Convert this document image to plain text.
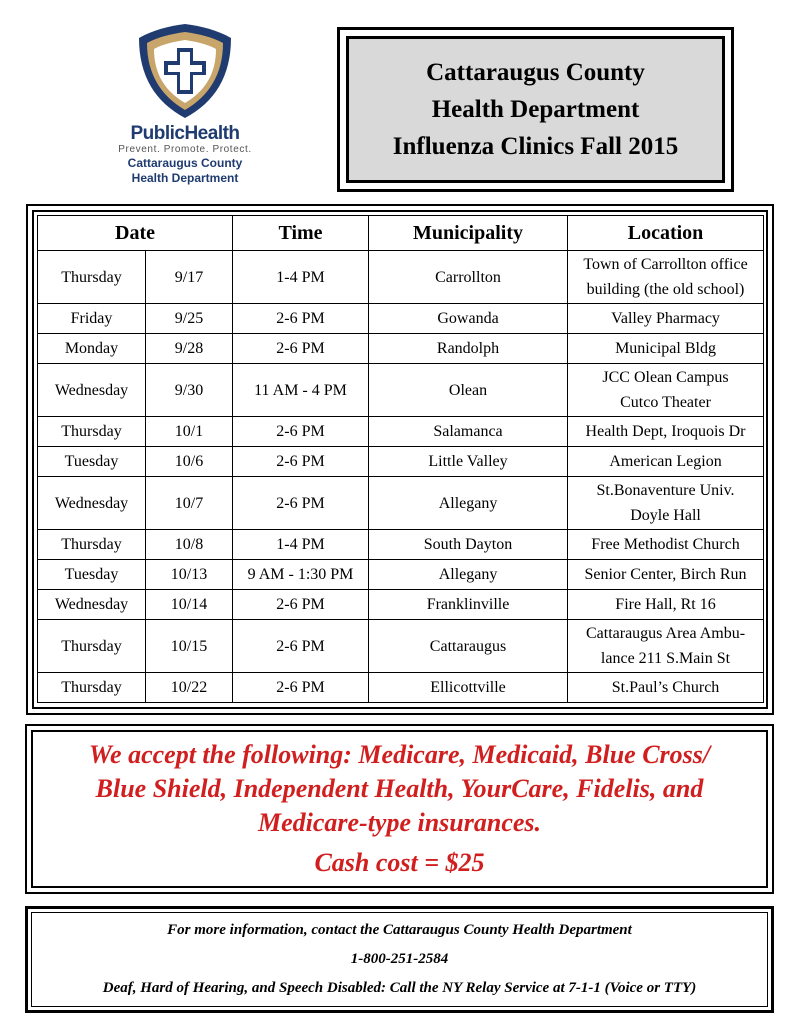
PublicHealth
Prevent. Promote. Protect.
Cattaraugus County
Health Department
Cattaraugus County
Health Department
Influenza Clinics Fall 2015
Date		Time	Municipality	Location
Thursday	9/17	1-4 PM	Carrollton	Town of Carrollton office
building (the old school)

Friday	9/25	2-6 PM	Gowanda	Valley Pharmacy

Monday	9/28	2-6 PM	Randolph	Municipal Bldg

Wednesday	9/30	11 AM - 4 PM	Olean	JCC Olean Campus
Cutco Theater

Thursday	10/1	2-6 PM	Salamanca	Health Dept, Iroquois Dr

Tuesday	10/6	2-6 PM	Little Valley	American Legion

Wednesday	10/7	2-6 PM	Allegany	St.Bonaventure Univ.
Doyle Hall

Thursday	10/8	1-4 PM	South Dayton	Free Methodist Church

Tuesday	10/13	9 AM - 1:30 PM	Allegany	Senior Center, Birch Run

Wednesday	10/14	2-6 PM	Franklinville	Fire Hall, Rt 16

Thursday	10/15	2-6 PM	Cattaraugus	Cattaraugus Area Ambu-
lance 211 S.Main St

Thursday	10/22	2-6 PM	Ellicottville	St.Paul’s Church
We accept the following: Medicare, Medicaid, Blue Cross/
Blue Shield, Independent Health, YourCare, Fidelis, and
Medicare-type insurances.
Cash cost = $25
For more information, contact the Cattaraugus County Health Department
1-800-251-2584
Deaf, Hard of Hearing, and Speech Disabled: Call the NY Relay Service at 7-1-1 (Voice or TTY)
